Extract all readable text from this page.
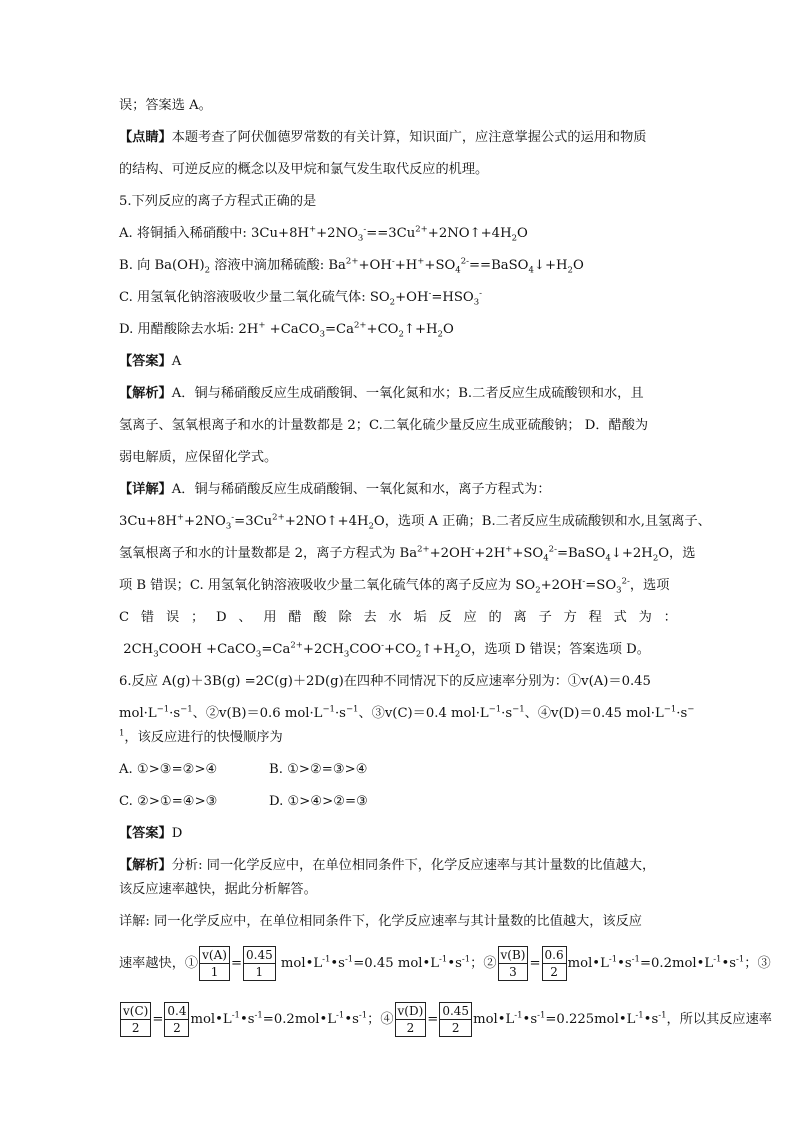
误；答案选 A。
【点睛】本题考查了阿伏伽德罗常数的有关计算，知识面广，应注意掌握公式的运用和物质
的结构、可逆反应的概念以及甲烷和氯气发生取代反应的机理。
5.下列反应的离子方程式正确的是
A. 将铜插入稀硝酸中: $3Cu+8H^++2NO_3^-==3Cu^{2+}+2NO↑+4H_2O$
B. 向 $Ba(OH)_2$ 溶液中滴加稀硫酸: $Ba^{2+}+OH^-+H^++SO_4^{2-}==BaSO_4↓+H_2O$
C. 用氢氧化钠溶液吸收少量二氧化硫气体: $SO_2+OH^-=HSO_3^-$
D. 用醋酸除去水垢: $2H^+ +CaCO_3=Ca^{2+}+CO_2↑+H_2O$
【答案】A
【解析】A．铜与稀硝酸反应生成硝酸铜、一氧化氮和水；B.二者反应生成硫酸钡和水，且
氢离子、氢氧根离子和水的计量数都是 2；C.二氧化硫少量反应生成亚硫酸钠； D．醋酸为
弱电解质，应保留化学式。
【详解】A．铜与稀硝酸反应生成硝酸铜、一氧化氮和水，离子方程式为：
$3Cu+8H^++2NO_3^-=3Cu^{2+}+2NO↑+4H_2O$，选项 A 正确；B.二者反应生成硫酸钡和水,且氢离子、
氢氧根离子和水的计量数都是 2，离子方程式为 $Ba^{2+}+2OH^-+2H^++SO_4^{2-}=BaSO_4↓+2H_2O$，选
项 B 错误；C. 用氢氧化钠溶液吸收少量二氧化硫气体的离子反应为 $SO_2+2OH^-=SO_3^{2-}$，选项
C 错 误 ； D 、 用 醋 酸 除 去 水 垢 反 应 的 离 子 方 程 式 为 ：
$2CH_3COOH$ $+CaCO_3=Ca^{2+}+2CH_3COO^-+CO_2↑+H_2O$，选项 D 错误；答案选项 D。
6.反应 A(g)＋3B(g) =2C(g)＋2D(g)在四种不同情况下的反应速率分别为：①v(A)＝0.45
$mol\cdot L^{-1}\cdot s^{-1}$、②v(B)＝0.6 $mol\cdot L^{-1}\cdot s^{-1}$、③v(C)＝0.4 $mol\cdot L^{-1}\cdot s^{-1}$、④v(D)＝0.45 $mol\cdot L^{-1}\cdot s^-$
$^1$，该反应进行的快慢顺序为
A. ①>③=②>④	B. ①>②=③>④
C. ②>①=④>③	D. ①>④>②=③
【答案】D
【解析】分析: 同一化学反应中，在单位相同条件下，化学反应速率与其计量数的比值越大，
该反应速率越快，据此分析解答。
详解: 同一化学反应中，在单位相同条件下，化学反应速率与其计量数的比值越大，该反应
速率越快，① $\frac{v(A)}{1} = \frac{0.45}{1}$ $mol•L^{-1}•s^{-1}=0.45$ $mol•L^{-1}•s^{-1}$；② $\frac{v(B)}{3} = \frac{0.6}{2}$ $mol•L^{-1}•s^{-1}=0.2mol•L^{-1}•s^{-1}$；③
$\frac{v(C)}{2} = \frac{0.4}{2}$ $mol•L^{-1}•s^{-1}=0.2mol•L^{-1}•s^{-1}$；④ $\frac{v(D)}{2} = \frac{0.45}{2}$ $mol•L^{-1}•s^{-1}=0.225mol•L^{-1}•s^{-1}$，所以其反应速率
